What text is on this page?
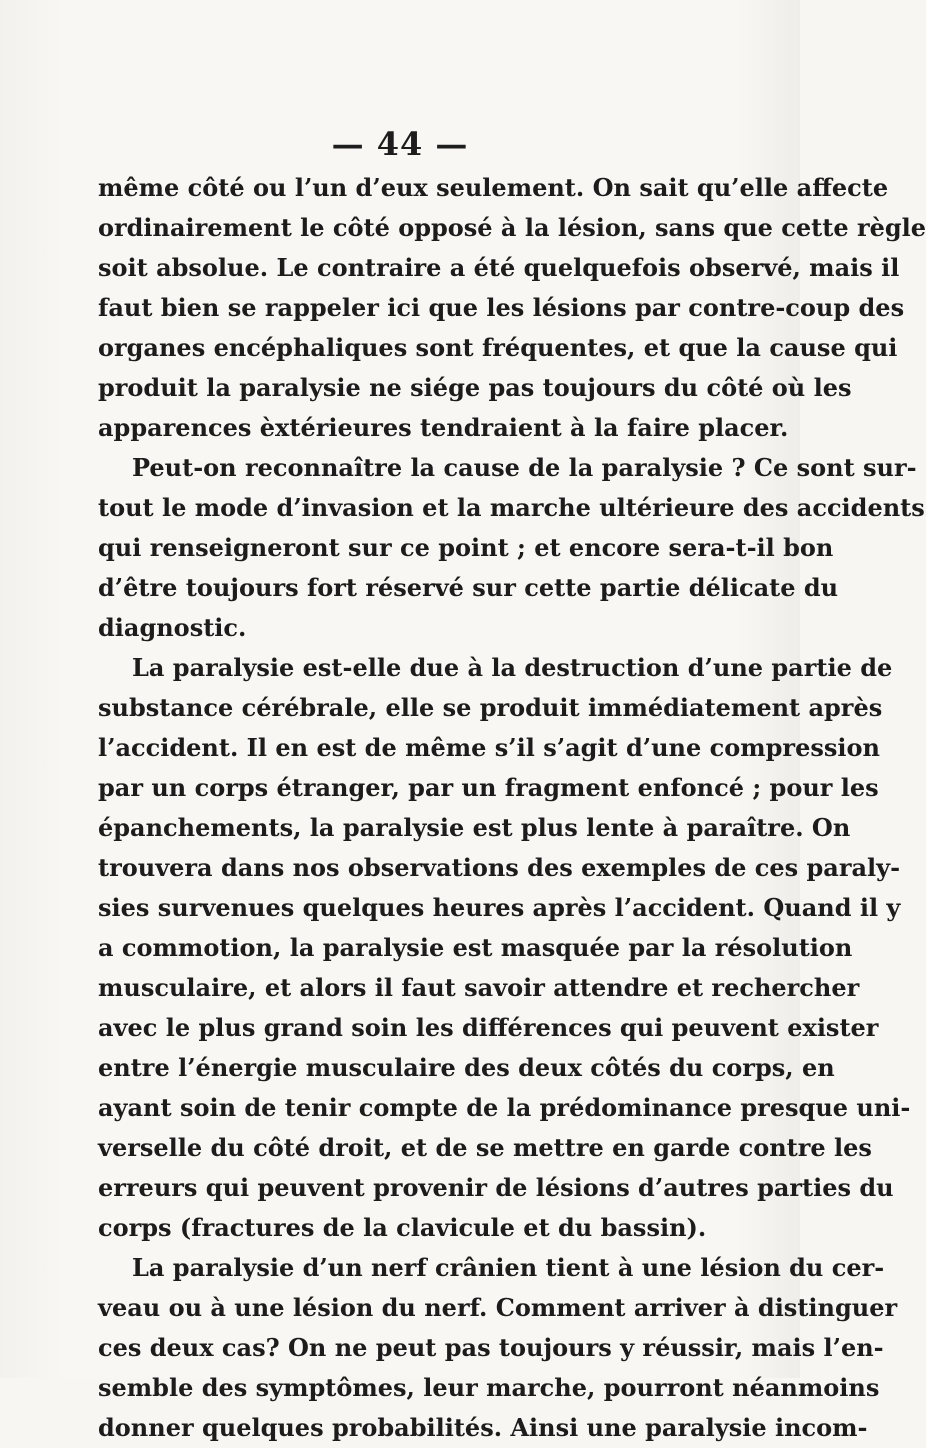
— 44 —
même côté ou l’un d’eux seulement. On sait qu’elle affecte
ordinairement le côté opposé à la lésion, sans que cette règle
soit absolue. Le contraire a été quelquefois observé, mais il
faut bien se rappeler ici que les lésions par contre-coup des
organes encéphaliques sont fréquentes, et que la cause qui
produit la paralysie ne siége pas toujours du côté où les
apparences èxtérieures tendraient à la faire placer.
Peut-on reconnaître la cause de la paralysie ? Ce sont sur-
tout le mode d’invasion et la marche ultérieure des accidents
qui renseigneront sur ce point ; et encore sera-t-il bon
d’être toujours fort réservé sur cette partie délicate du
diagnostic.
La paralysie est-elle due à la destruction d’une partie de
substance cérébrale, elle se produit immédiatement après
l’accident. Il en est de même s’il s’agit d’une compression
par un corps étranger, par un fragment enfoncé ; pour les
épanchements, la paralysie est plus lente à paraître. On
trouvera dans nos observations des exemples de ces paraly-
sies survenues quelques heures après l’accident. Quand il y
a commotion, la paralysie est masquée par la résolution
musculaire, et alors il faut savoir attendre et rechercher
avec le plus grand soin les différences qui peuvent exister
entre l’énergie musculaire des deux côtés du corps, en
ayant soin de tenir compte de la prédominance presque uni-
verselle du côté droit, et de se mettre en garde contre les
erreurs qui peuvent provenir de lésions d’autres parties du
corps (fractures de la clavicule et du bassin).
La paralysie d’un nerf crânien tient à une lésion du cer-
veau ou à une lésion du nerf. Comment arriver à distinguer
ces deux cas? On ne peut pas toujours y réussir, mais l’en-
semble des symptômes, leur marche, pourront néanmoins
donner quelques probabilités. Ainsi une paralysie incom-
